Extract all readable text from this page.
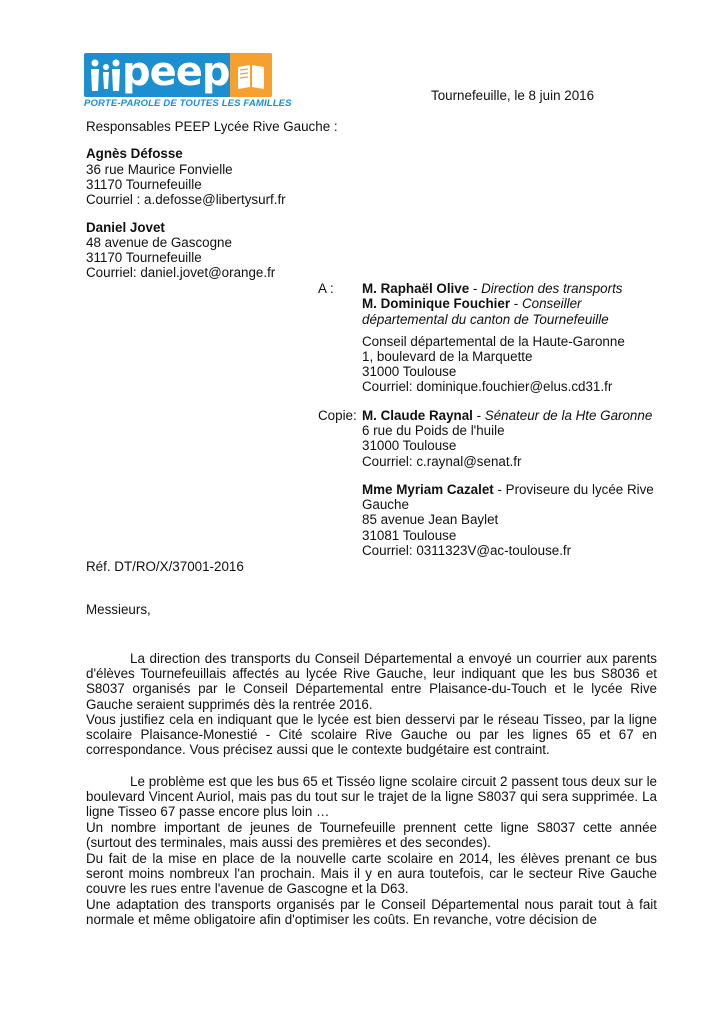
peep
PORTE-PAROLE DE TOUTES LES FAMILLES
Tournefeuille, le 8 juin 2016
Responsables PEEP Lycée Rive Gauche :
Agnès Défosse
36 rue Maurice Fonvielle
31170 Tournefeuille
Courriel : a.defosse@libertysurf.fr
Daniel Jovet
48 avenue de Gascogne
31170 Tournefeuille
Courriel: daniel.jovet@orange.fr
A : M. Raphaël Olive - Direction des transports
M. Dominique Fouchier - Conseiller
départemental du canton de Tournefeuille
Conseil départemental de la Haute-Garonne
1, boulevard de la Marquette
31000 Toulouse
Courriel: dominique.fouchier@elus.cd31.fr
Copie: M. Claude Raynal - Sénateur de la Hte Garonne
6 rue du Poids de l'huile
31000 Toulouse
Courriel: c.raynal@senat.fr
Mme Myriam Cazalet - Proviseure du lycée Rive
Gauche
85 avenue Jean Baylet
31081 Toulouse
Courriel: 0311323V@ac-toulouse.fr
Réf. DT/RO/X/37001-2016
Messieurs,
La direction des transports du Conseil Départemental a envoyé un courrier aux parents d'élèves Tournefeuillais affectés au lycée Rive Gauche, leur indiquant que les bus S8036 et S8037 organisés par le Conseil Départemental entre Plaisance-du-Touch et le lycée Rive Gauche seraient supprimés dès la rentrée 2016.
Vous justifiez cela en indiquant que le lycée est bien desservi par le réseau Tisseo, par la ligne scolaire Plaisance-Monestié - Cité scolaire Rive Gauche ou par les lignes 65 et 67 en correspondance. Vous précisez aussi que le contexte budgétaire est contraint.
Le problème est que les bus 65 et Tisséo ligne scolaire circuit 2 passent tous deux sur le boulevard Vincent Auriol, mais pas du tout sur le trajet de la ligne S8037 qui sera supprimée. La ligne Tisseo 67 passe encore plus loin …
Un nombre important de jeunes de Tournefeuille prennent cette ligne S8037 cette année (surtout des terminales, mais aussi des premières et des secondes).
Du fait de la mise en place de la nouvelle carte scolaire en 2014, les élèves prenant ce bus seront moins nombreux l'an prochain. Mais il y en aura toutefois, car le secteur Rive Gauche couvre les rues entre l'avenue de Gascogne et la D63.
Une adaptation des transports organisés par le Conseil Départemental nous parait tout à fait normale et même obligatoire afin d'optimiser les coûts. En revanche, votre décision de
